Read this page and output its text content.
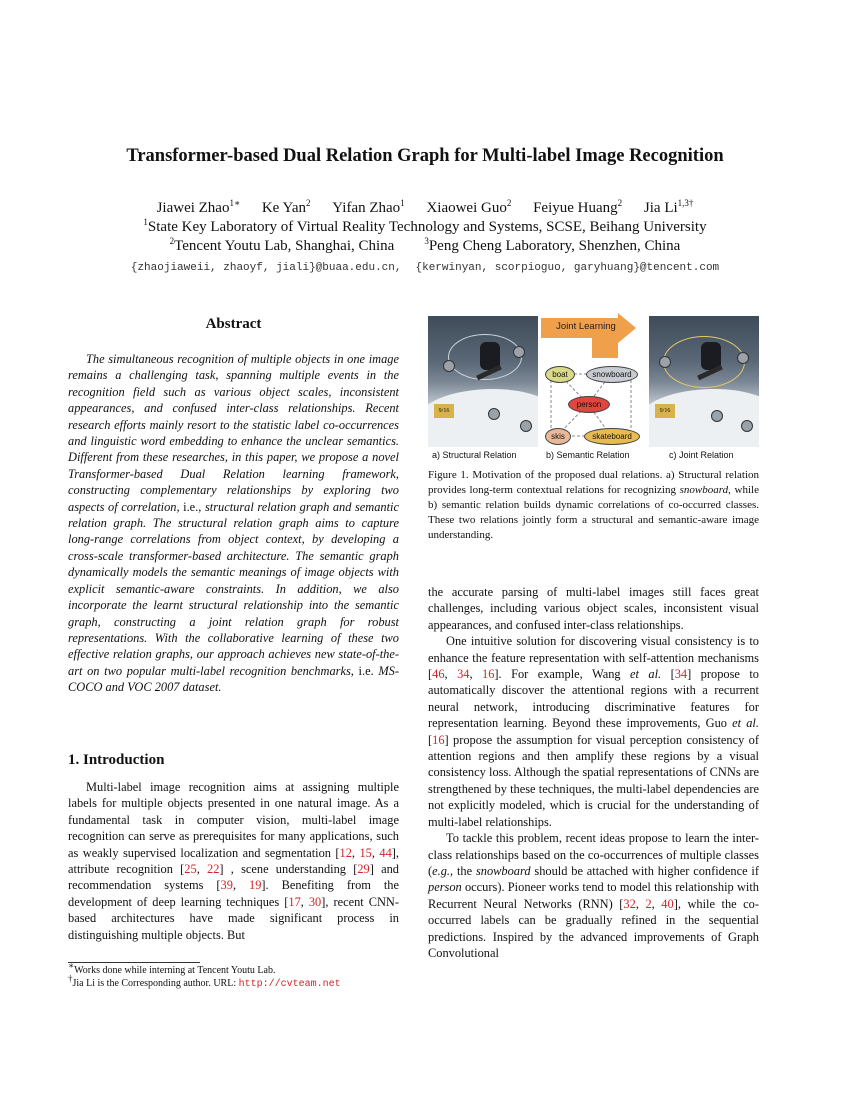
Transformer-based Dual Relation Graph for Multi-label Image Recognition
Jiawei Zhao$^{1∗}$ Ke Yan$^2$ Yifan Zhao$^1$ Xiaowei Guo$^2$ Feiyue Huang$^2$ Jia $Li^{1,3\dagger}$
$^1$State Key Laboratory of Virtual Reality Technology and Systems, SCSE, Beihang University
$^2$Tencent Youtu Lab, Shanghai, China	$^3$Peng Cheng Laboratory, Shenzhen, China
{zhaojiaweii, zhaoyf, jiali}@buaa.edu.cn, {kerwinyan, scorpioguo, garyhuang}@tencent.com
Abstract

The simultaneous recognition of multiple objects in one image remains a challenging task, spanning multiple events in the recognition field such as various object scales, inconsistent appearances, and confused inter-class relationships. Recent research efforts mainly resort to the statistic label co-occurrences and linguistic word embedding to enhance the unclear semantics. Different from these researches, in this paper, we propose a novel Transformer-based Dual Relation learning framework, constructing complementary relationships by exploring two aspects of correlation, i.e., structural relation graph and semantic relation graph. The structural relation graph aims to capture long-range correlations from object context, by developing a cross-scale transformer-based architecture. The semantic graph dynamically models the semantic meanings of image objects with explicit semantic-aware constraints. In addition, we also incorporate the learnt structural relationship into the semantic graph, constructing a joint relation graph for robust representations. With the collaborative learning of these two effective relation graphs, our approach achieves new state-of-the-art on two popular multi-label recognition benchmarks, i.e. MS-COCO and VOC 2007 dataset.

1. Introduction

Multi-label image recognition aims at assigning multiple labels for multiple objects presented in one natural image. As a fundamental task in computer vision, multi-label image recognition can serve as prerequisites for many applications, such as weakly supervised localization and segmentation [12, 15, 44], attribute recognition [25, 22] , scene understanding [29] and recommendation systems [39, 19]. Benefiting from the development of deep learning techniques [17, 30], recent CNN-based architectures have made significant process in distinguishing multiple objects. But

∗Works done while interning at Tencent Youtu Lab.
†Jia Li is the Corresponding author. URL: http://cvteam.net
9/16
Joint Learning
boat	snowboard
person
skis	skateboard
9/16
a) Structural Relation	b) Semantic Relation	c) Joint Relation

Figure 1. Motivation of the proposed dual relations. a) Structural relation provides long-term contextual relations for recognizing snowboard, while b) semantic relation builds dynamic correlations of co-occurred classes. These two relations jointly form a structural and semantic-aware image understanding.

the accurate parsing of multi-label images still faces great challenges, including various object scales, inconsistent visual appearances, and confused inter-class relationships.

One intuitive solution for discovering visual consistency is to enhance the feature representation with self-attention mechanisms [46, 34, 16]. For example, Wang et al. [34] propose to automatically discover the attentional regions with a recurrent neural network, introducing discriminative features for representation learning. Beyond these improvements, Guo et al. [16] propose the assumption for visual perception consistency of attention regions and then amplify these regions by a visual consistency loss. Although the spatial representations of CNNs are strengthened by these techniques, the multi-label dependencies are not explicitly modeled, which is crucial for the understanding of multi-label relationships.

To tackle this problem, recent ideas propose to learn the inter-class relationships based on the co-occurrences of multiple classes (e.g., the snowboard should be attached with higher confidence if person occurs). Pioneer works tend to model this relationship with Recurrent Neural Networks (RNN) [32, 2, 40], while the co-occurred labels can be gradually refined in the sequential predictions. Inspired by the advanced improvements of Graph Convolutional
